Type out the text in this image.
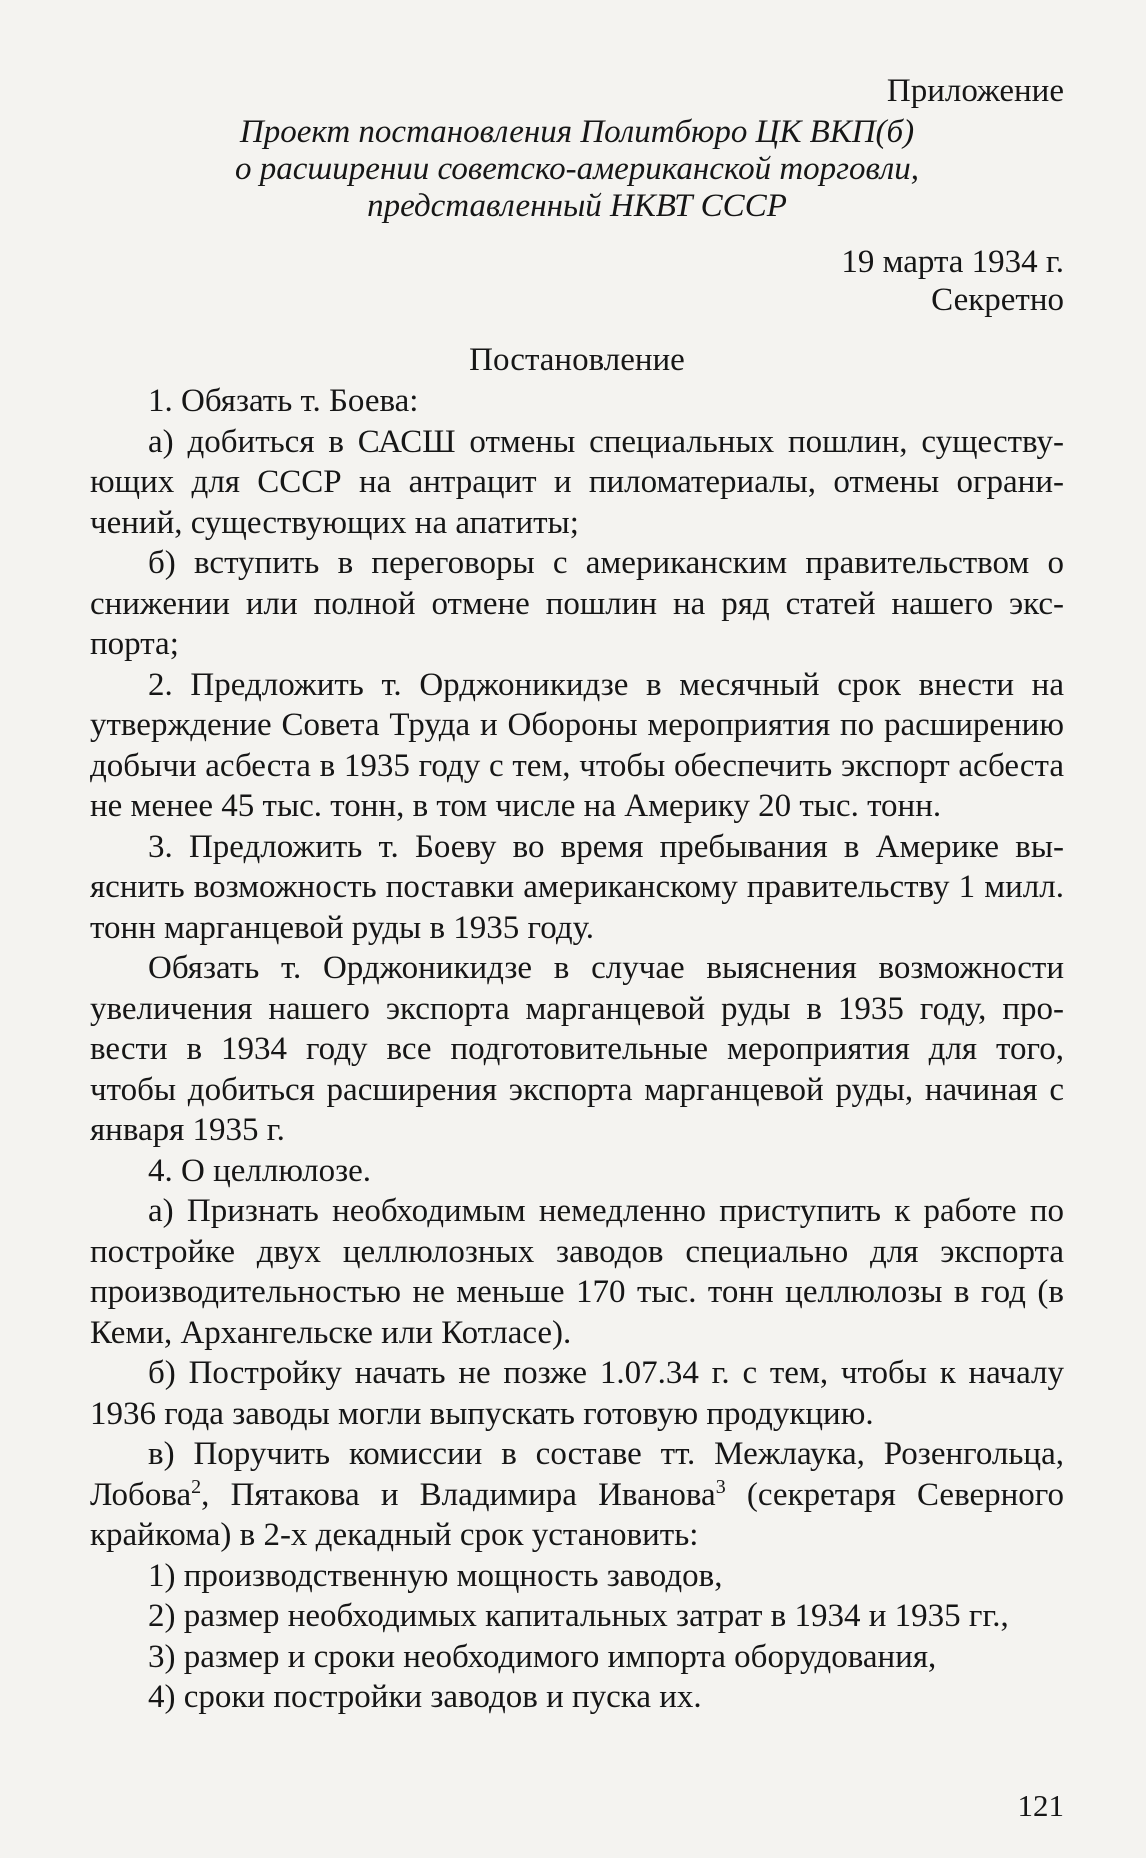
Приложение

Проект постановления Политбюро ЦК ВКП(б)

о расширении советско-американской торговли,

представленный НКВТ СССР

19 марта 1934 г.

Секретно

Постановление

1. Обязать т. Боева:

а) добиться в САСШ отмены специальных пошлин, существующих для СССР на антрацит и пиломатериалы, отмены ограничений, существующих на апатиты;

б) вступить в переговоры с американским правительством о снижении или полной отмене пошлин на ряд статей нашего экспорта;

2. Предложить т. Орджоникидзе в месячный срок внести на утверждение Совета Труда и Обороны мероприятия по расширению добычи асбеста в 1935 году с тем, чтобы обеспечить экспорт асбеста не менее 45 тыс. тонн, в том числе на Америку 20 тыс. тонн.

3. Предложить т. Боеву во время пребывания в Америке выяснить возможность поставки американскому правительству 1 милл. тонн марганцевой руды в 1935 году.

Обязать т. Орджоникидзе в случае выяснения возможности увеличения нашего экспорта марганцевой руды в 1935 году, провести в 1934 году все подготовительные мероприятия для того, чтобы добиться расширения экспорта марганцевой руды, начиная с января 1935 г.

4. О целлюлозе.

а) Признать необходимым немедленно приступить к работе по постройке двух целлюлозных заводов специально для экспорта производительностью не меньше 170 тыс. тонн целлюлозы в год (в Кеми, Архангельске или Котласе).

б) Постройку начать не позже 1.07.34 г. с тем, чтобы к началу 1936 года заводы могли выпускать готовую продукцию.

в) Поручить комиссии в составе тт. Межлаука, Розенгольца, Лобова$^2$, Пятакова и Владимира Иванова$^3$ (секретаря Северного крайкома) в 2-х декадный срок установить:

1) производственную мощность заводов,

2) размер необходимых капитальных затрат в 1934 и 1935 гг.,

3) размер и сроки необходимого импорта оборудования,

4) сроки постройки заводов и пуска их.

121
